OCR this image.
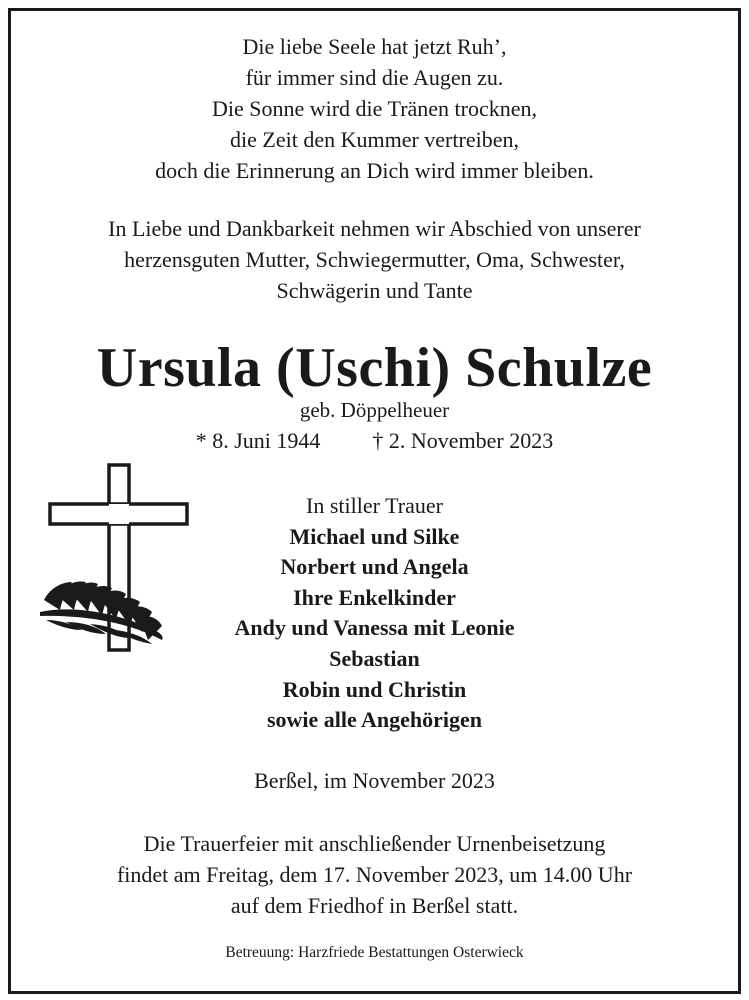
Die liebe Seele hat jetzt Ruh’,
für immer sind die Augen zu.
Die Sonne wird die Tränen trocknen,
die Zeit den Kummer vertreiben,
doch die Erinnerung an Dich wird immer bleiben.
In Liebe und Dankbarkeit nehmen wir Abschied von unserer
herzensguten Mutter, Schwiegermutter, Oma, Schwester,
Schwägerin und Tante
Ursula (Uschi) Schulze
geb. Döppelheuer
* 8. Juni 1944 † 2. November 2023
In stiller Trauer
Michael und Silke
Norbert und Angela
Ihre Enkelkinder
Andy und Vanessa mit Leonie
Sebastian
Robin und Christin
sowie alle Angehörigen
Berßel, im November 2023
Die Trauerfeier mit anschließender Urnenbeisetzung
findet am Freitag, dem 17. November 2023, um 14.00 Uhr
auf dem Friedhof in Berßel statt.
Betreuung: Harzfriede Bestattungen Osterwieck
